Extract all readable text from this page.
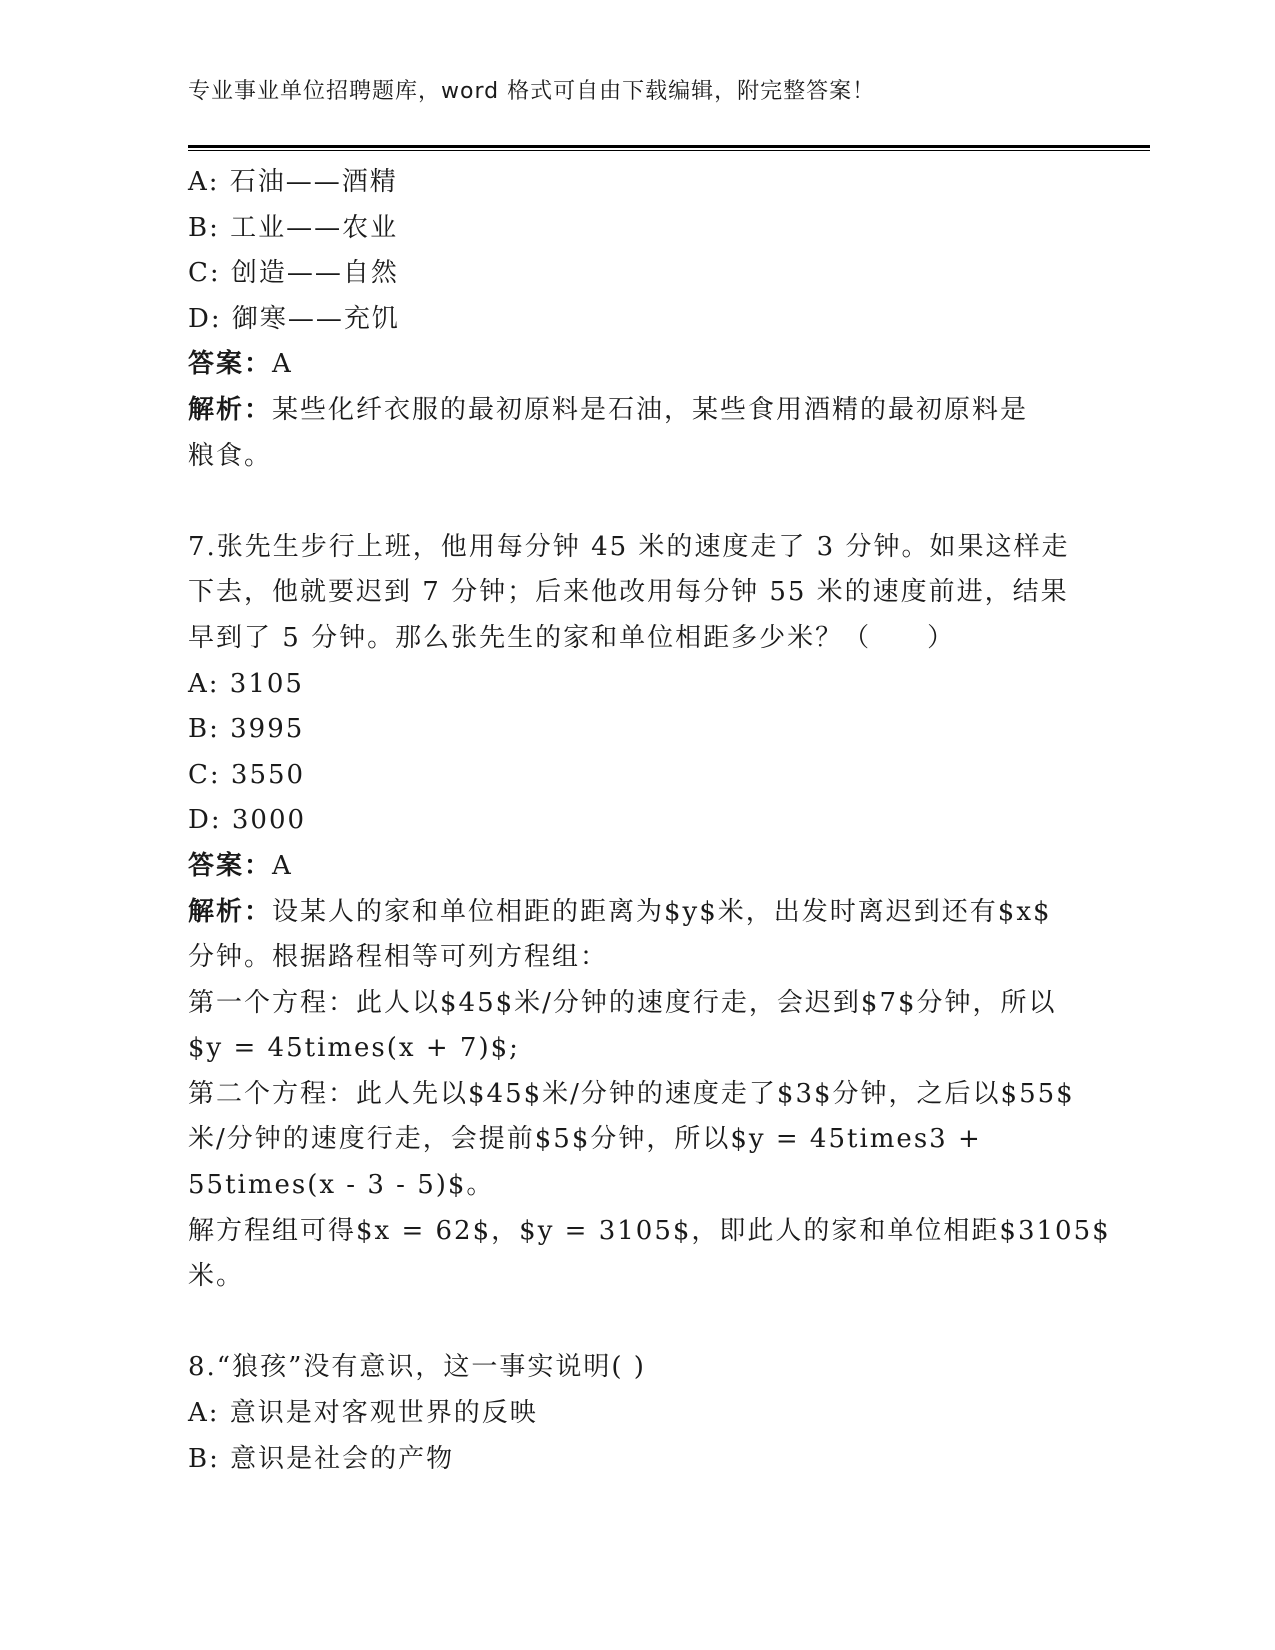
专业事业单位招聘题库，word 格式可自由下载编辑，附完整答案！
A: 石油——酒精
B: 工业——农业
C: 创造——自然
D: 御寒——充饥
答案：A
解析：某些化纤衣服的最初原料是石油，某些食用酒精的最初原料是
粮食。
7.张先生步行上班，他用每分钟 45 米的速度走了 3 分钟。如果这样走
下去，他就要迟到 7 分钟；后来他改用每分钟 55 米的速度前进，结果
早到了 5 分钟。那么张先生的家和单位相距多少米？（　　）
A: 3105
B: 3995
C: 3550
D: 3000
答案：A
解析：设某人的家和单位相距的距离为$y$米，出发时离迟到还有$x$
分钟。根据路程相等可列方程组：
第一个方程：此人以$45$米/分钟的速度行走，会迟到$7$分钟，所以
$y = 45times(x + 7)$;
第二个方程：此人先以$45$米/分钟的速度走了$3$分钟，之后以$55$
米/分钟的速度行走，会提前$5$分钟，所以$y = 45times3 +
55times(x - 3 - 5)$。
解方程组可得$x = 62$，$y = 3105$，即此人的家和单位相距$3105$
米。
8.“狼孩”没有意识，这一事实说明( )
A: 意识是对客观世界的反映
B: 意识是社会的产物
